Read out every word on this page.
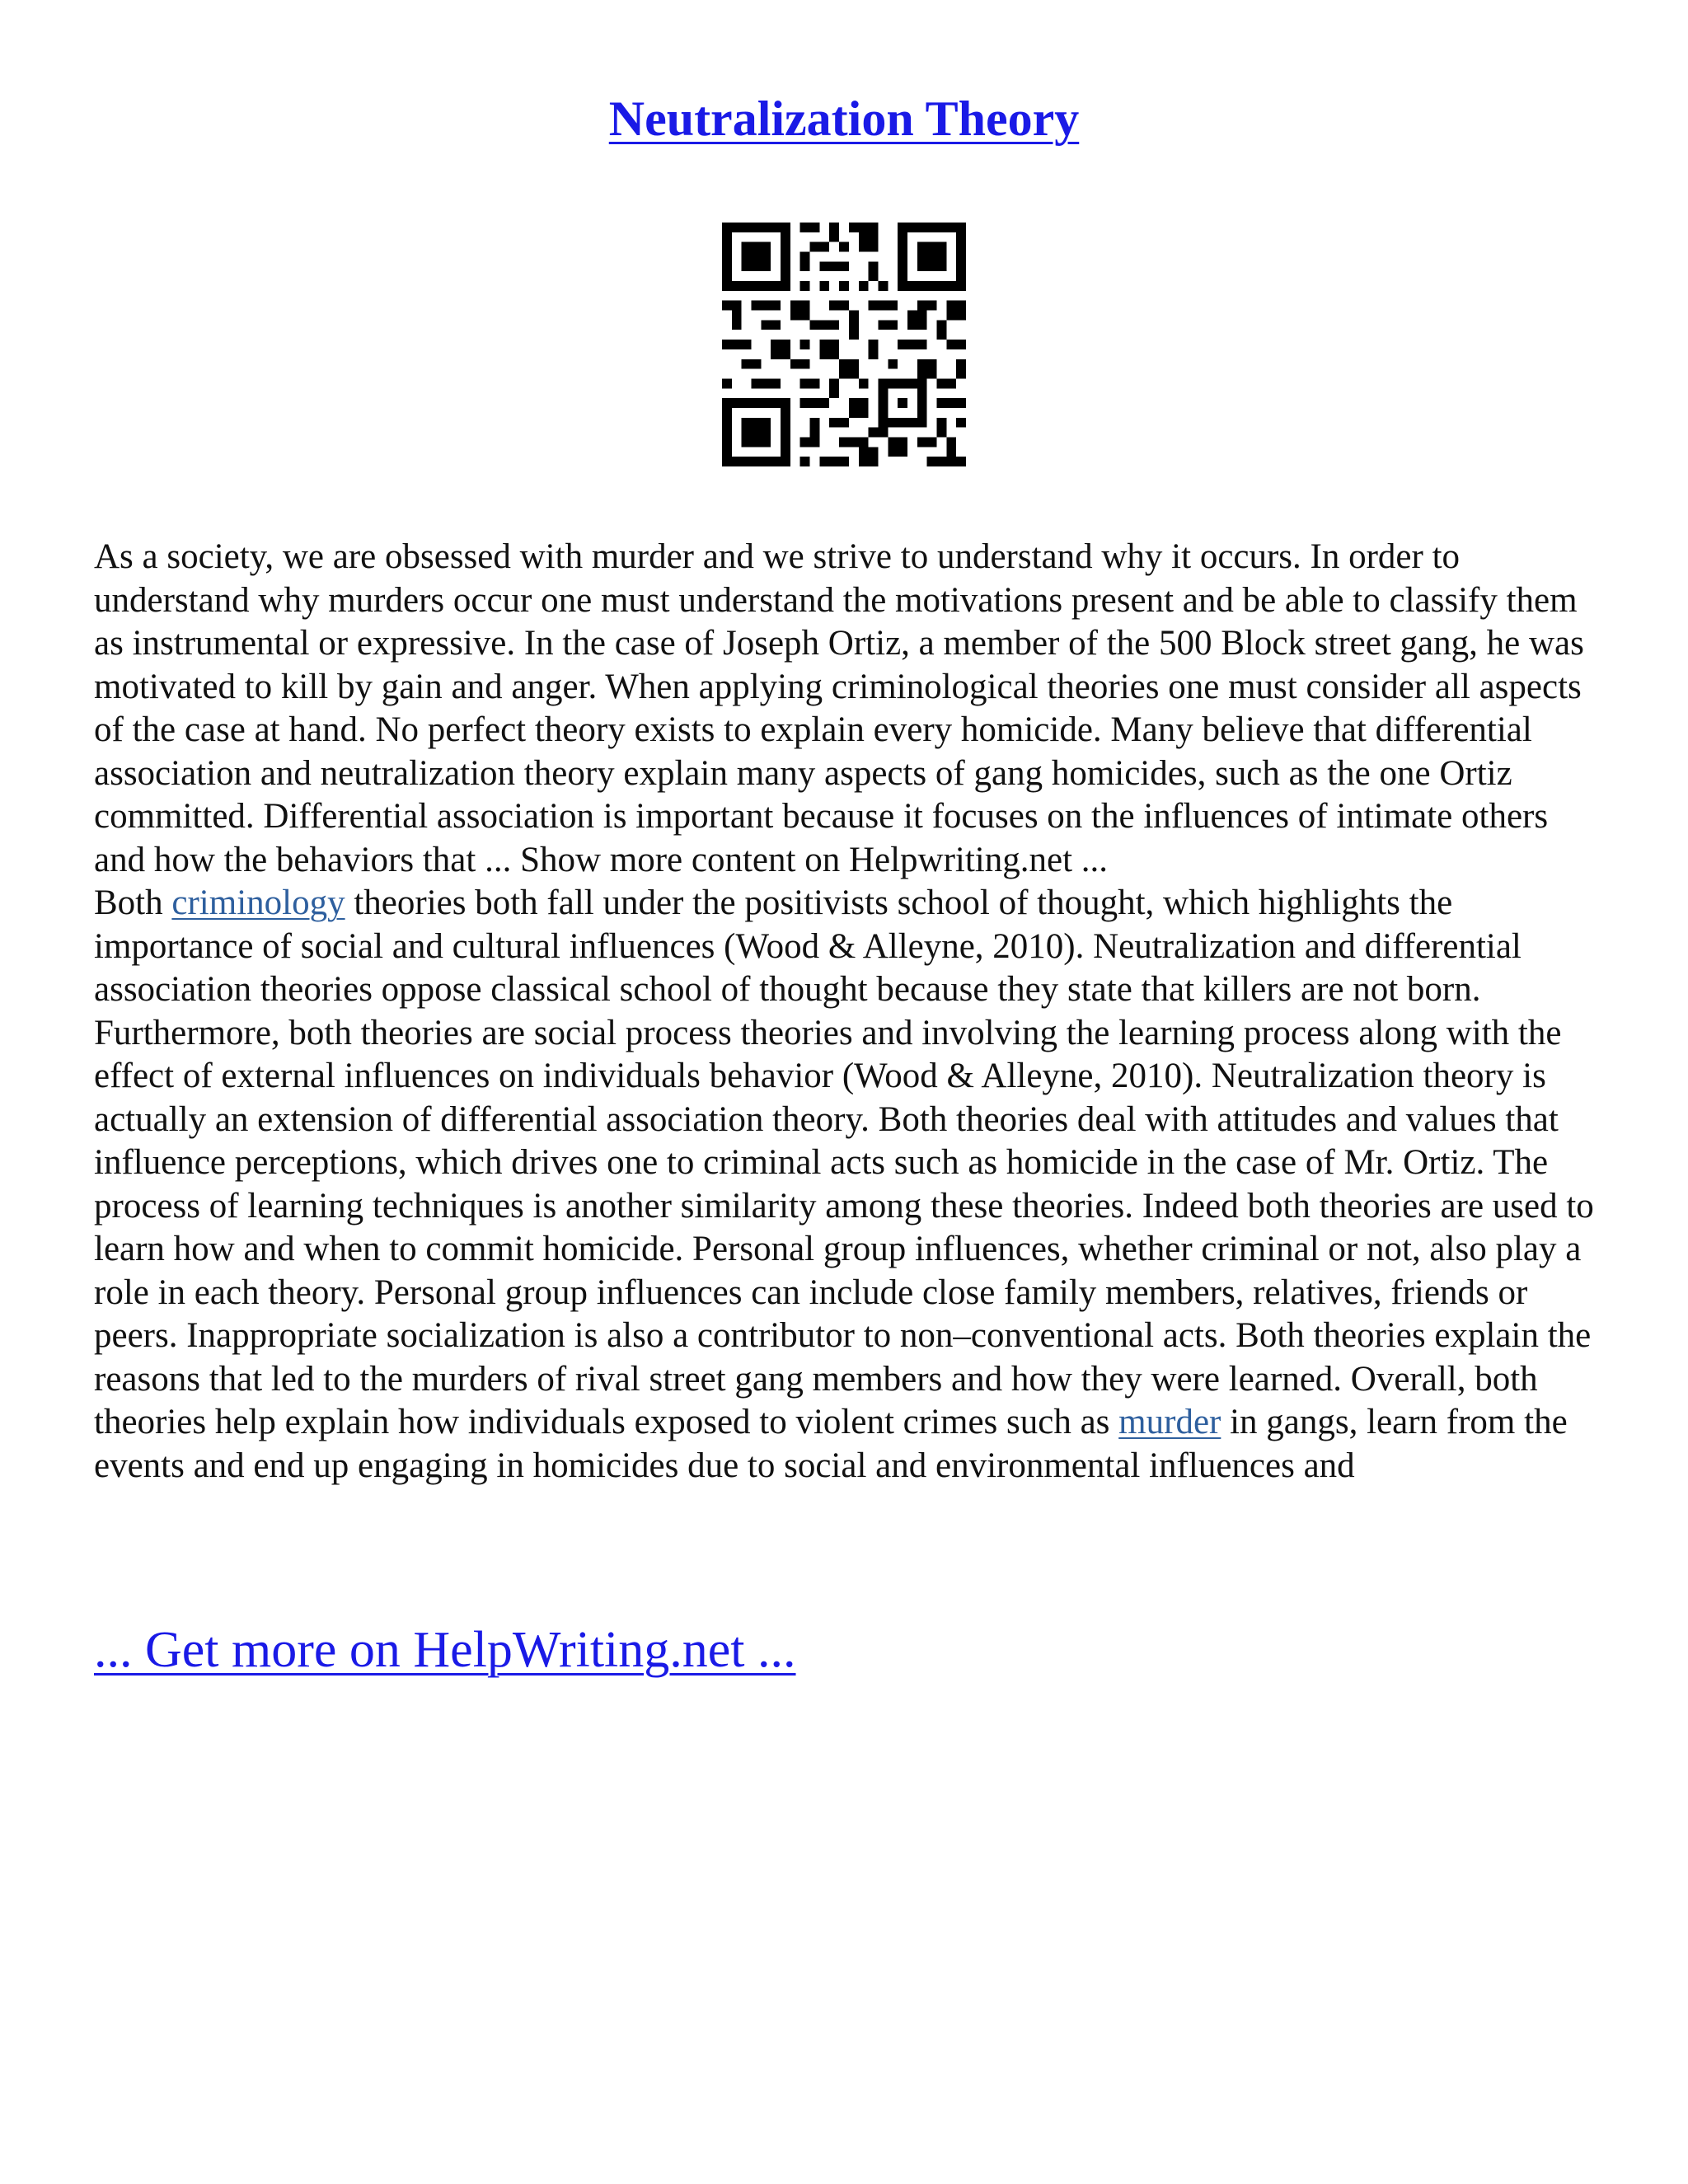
Neutralization Theory

As a society, we are obsessed with murder and we strive to understand why it occurs. In order to understand why murders occur one must understand the motivations present and be able to classify them as instrumental or expressive. In the case of Joseph Ortiz, a member of the 500 Block street gang, he was motivated to kill by gain and anger. When applying criminological theories one must consider all aspects of the case at hand. No perfect theory exists to explain every homicide. Many believe that differential association and neutralization theory explain many aspects of gang homicides, such as the one Ortiz committed. Differential association is important because it focuses on the influences of intimate others and how the behaviors that ... Show more content on Helpwriting.net ...

Both criminology theories both fall under the positivists school of thought, which highlights the importance of social and cultural influences (Wood & Alleyne, 2010). Neutralization and differential association theories oppose classical school of thought because they state that killers are not born. Furthermore, both theories are social process theories and involving the learning process along with the effect of external influences on individuals behavior (Wood & Alleyne, 2010). Neutralization theory is actually an extension of differential association theory. Both theories deal with attitudes and values that influence perceptions, which drives one to criminal acts such as homicide in the case of Mr. Ortiz. The process of learning techniques is another similarity among these theories. Indeed both theories are used to learn how and when to commit homicide. Personal group influences, whether criminal or not, also play a role in each theory. Personal group influences can include close family members, relatives, friends or peers. Inappropriate socialization is also a contributor to non–conventional acts. Both theories explain the reasons that led to the murders of rival street gang members and how they were learned. Overall, both theories help explain how individuals exposed to violent crimes such as murder in gangs, learn from the events and end up engaging in homicides due to social and environmental influences and

... Get more on HelpWriting.net ...
